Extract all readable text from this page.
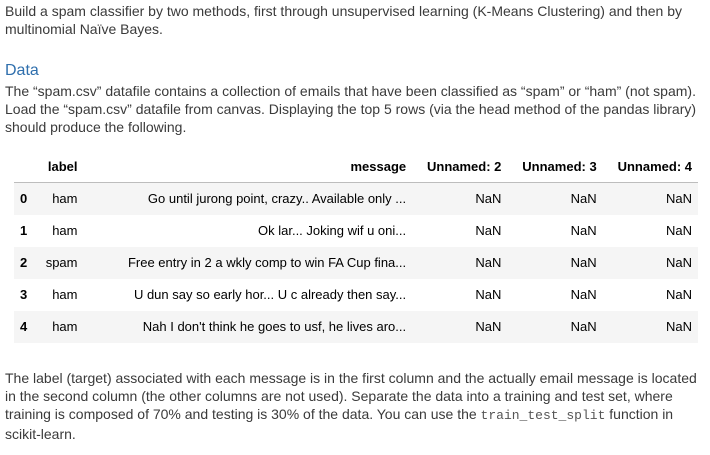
Build a spam classifier by two methods, first through unsupervised learning (K-Means Clustering) and then by multinomial Naïve Bayes.
Data
The “spam.csv” datafile contains a collection of emails that have been classified as “spam” or “ham” (not spam). Load the “spam.csv” datafile from canvas. Displaying the top 5 rows (via the head method of the pandas library) should produce the following.
	label	message	Unnamed: 2	Unnamed: 3	Unnamed: 4
0	ham	Go until jurong point, crazy.. Available only ...	NaN	NaN	NaN
1	ham	Ok lar... Joking wif u oni...	NaN	NaN	NaN
2	spam	Free entry in 2 a wkly comp to win FA Cup fina...	NaN	NaN	NaN
3	ham	U dun say so early hor... U c already then say...	NaN	NaN	NaN
4	ham	Nah I don't think he goes to usf, he lives aro...	NaN	NaN	NaN
The label (target) associated with each message is in the first column and the actually email message is located in the second column (the other columns are not used). Separate the data into a training and test set, where training is composed of 70% and testing is 30% of the data. You can use the train_test_split function in scikit-learn.
